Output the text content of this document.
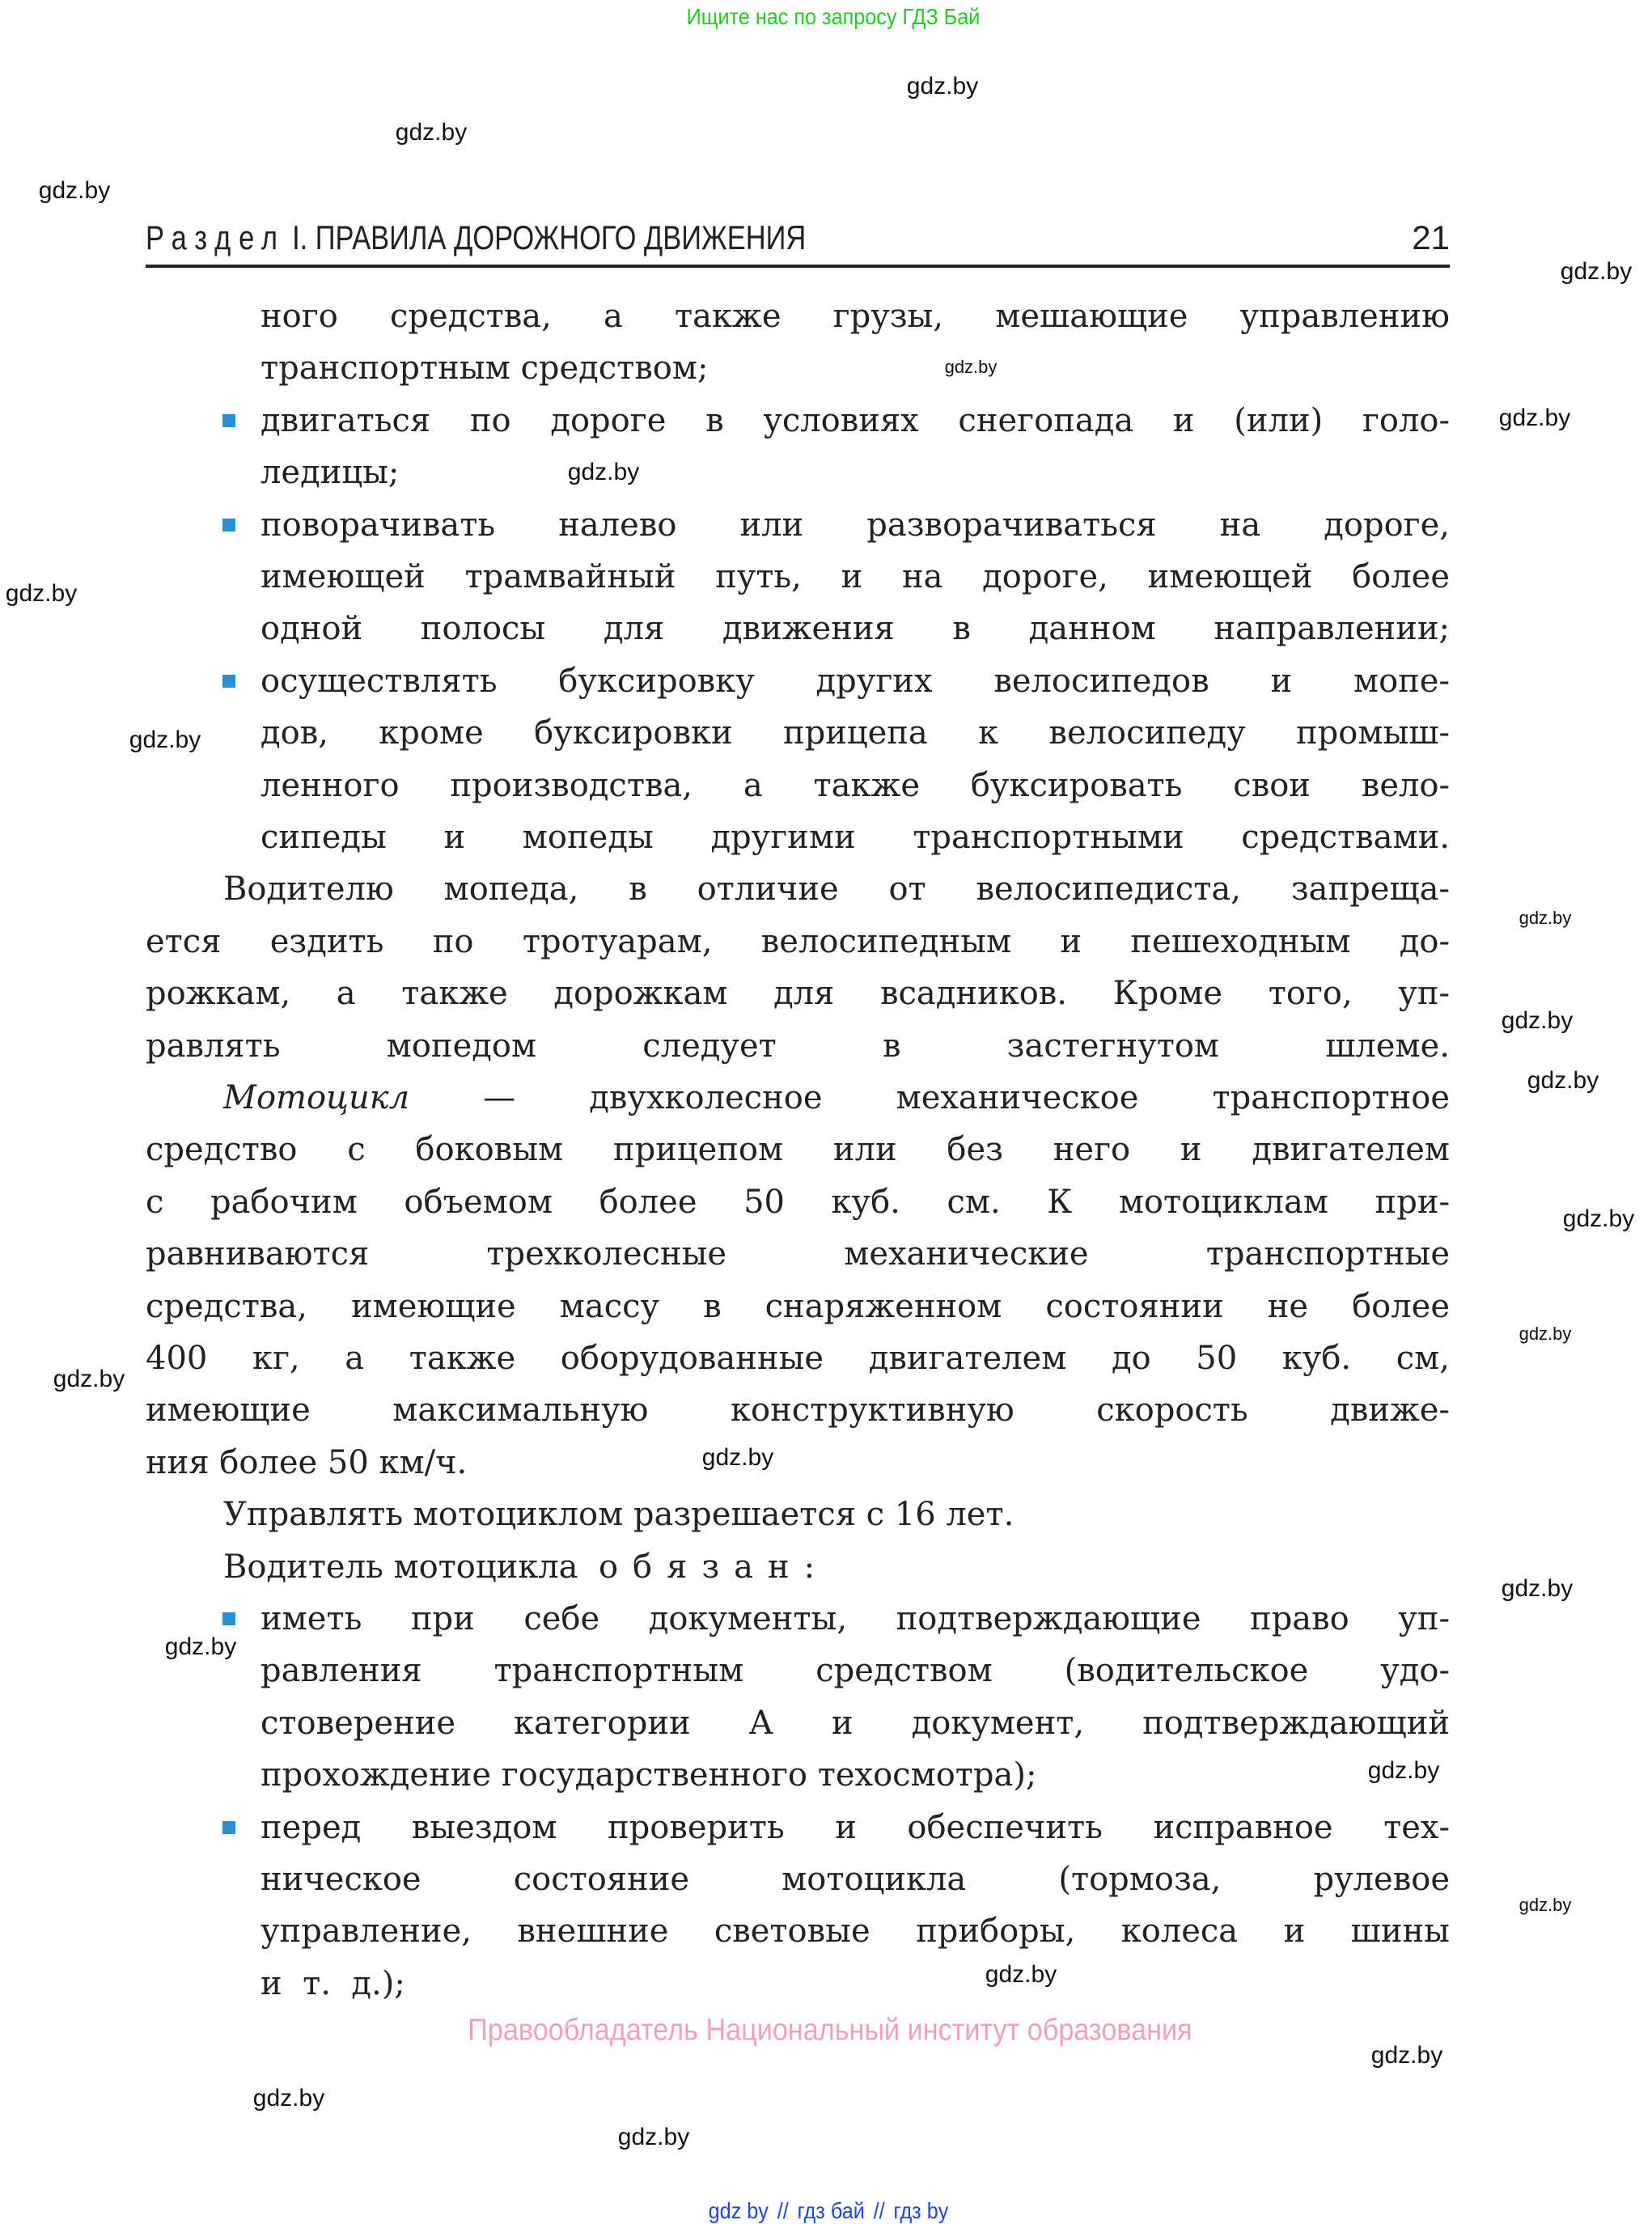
Ищите нас по запросу ГДЗ Бай
Раздел I. ПРАВИЛА ДОРОЖНОГО ДВИЖЕНИЯ	21
ного средства, а также грузы, мешающие управлению
транспортным средством;
двигаться по дороге в условиях снегопада и (или) голо-
ледицы;
поворачивать налево или разворачиваться на дороге,
имеющей трамвайный путь, и на дороге, имеющей более
одной полосы для движения в данном направлении;
осуществлять буксировку других велосипедов и мопе-
дов, кроме буксировки прицепа к велосипеду промыш-
ленного производства, а также буксировать свои вело-
сипеды и мопеды другими транспортными средствами.
Водителю мопеда, в отличие от велосипедиста, запреща-
ется ездить по тротуарам, велосипедным и пешеходным до-
рожкам, а также дорожкам для всадников. Кроме того, уп-
равлять мопедом следует в застегнутом шлеме.
Мотоцикл — двухколесное механическое транспортное
средство с боковым прицепом или без него и двигателем
с рабочим объемом более 50 куб. см. К мотоциклам при-
равниваются трехколесные механические транспортные
средства, имеющие массу в снаряженном состоянии не более
400 кг, а также оборудованные двигателем до 50 куб. см,
имеющие максимальную конструктивную скорость движе-
ния более 50 км/ч.
Управлять мотоциклом разрешается с 16 лет.
Водитель мотоцикла  обязан:
иметь при себе документы, подтверждающие право уп-
равления транспортным средством (водительское удо-
стоверение категории А и документ, подтверждающий
прохождение государственного техосмотра);
перед выездом проверить и обеспечить исправное тех-
ническое состояние мотоцикла (тормоза, рулевое
управление, внешние световые приборы, колеса и шины
и  т.  д.);
gdz.by
gdz.by
gdz.by
gdz.by
gdz.by
gdz.by
gdz.by
gdz.by
gdz.by
gdz.by
gdz.by
gdz.by
gdz.by
gdz.by
gdz.by
gdz.by
gdz.by
gdz.by
gdz.by
gdz.by
gdz.by
gdz.by
gdz.by
gdz.by
Правообладатель Национальный институт образования
gdz by // гдз бай // гдз by
